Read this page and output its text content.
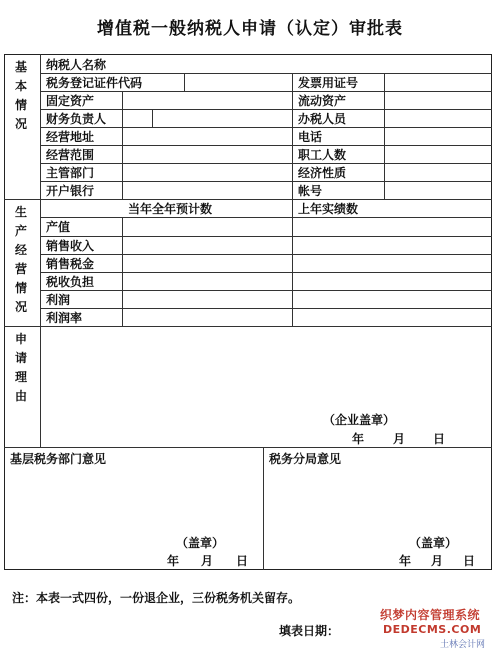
增值税一般纳税人申请（认定）审批表
基本情况
纳税人名称
税务登记证件代码	发票用证号
固定资产	流动资产
财务负责人	办税人员
经营地址	电话
经营范围	职工人数
主管部门	经济性质
开户银行	帐号
生产经营情况
当年全年预计数	上年实绩数
产值
销售收入
销售税金
税收负担
利润
利润率
申请理由
（企业盖章）
年 月 日
基层税务部门意见	税务分局意见
（盖章）
年 月 日
（盖章）
年 月 日
注：本表一式四份，一份退企业，三份税务机关留存。
填表日期：
织梦内容管理系统
DEDECMS.COM
土林会计网
